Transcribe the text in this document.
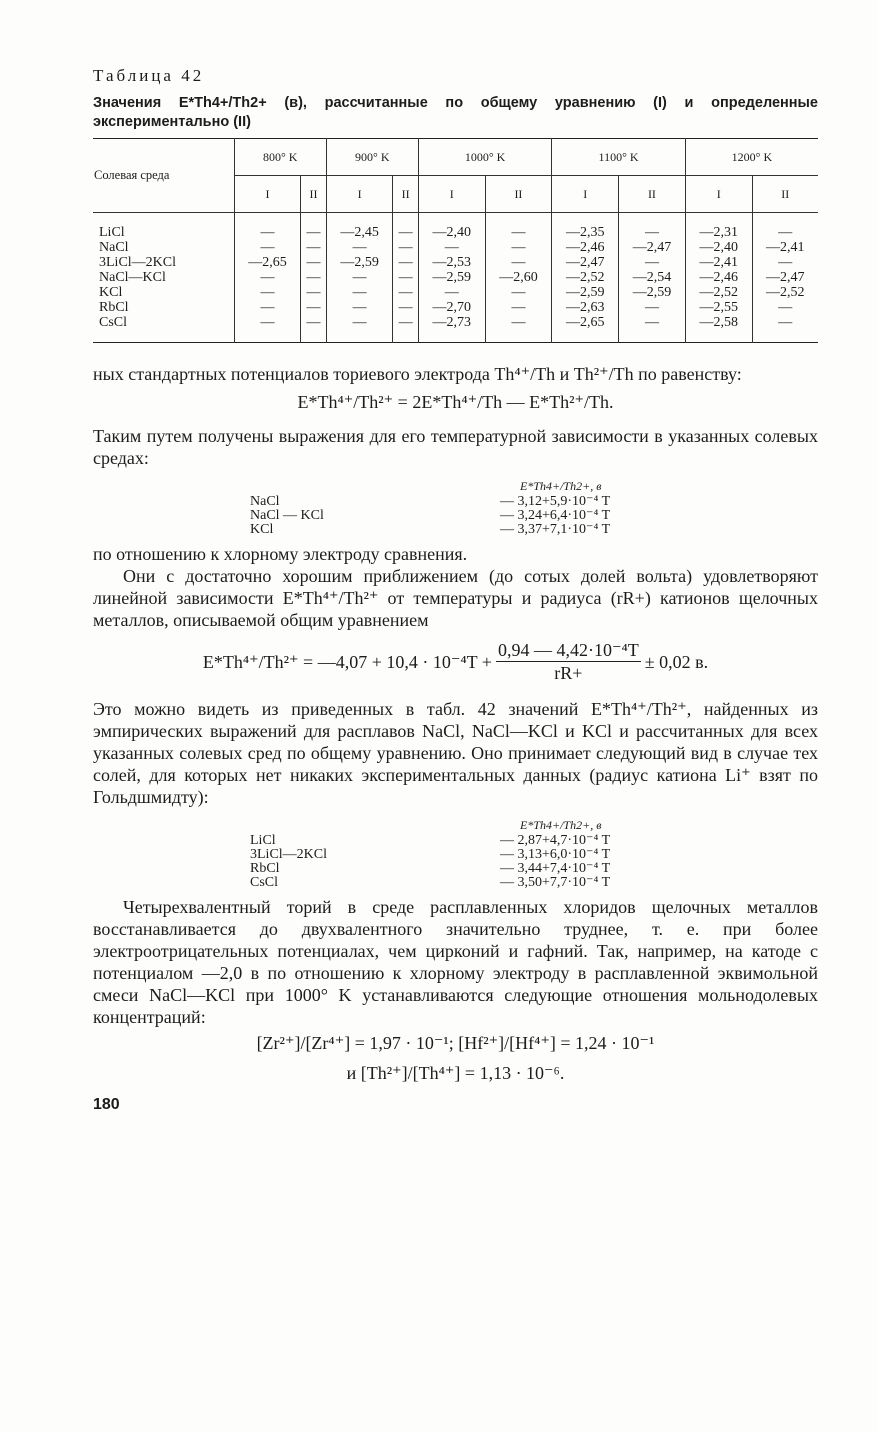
Таблица 42
Значения E*Th4+/Th2+ (в), рассчитанные по общему уравнению (I) и определенные экспериментально (II)
Солевая среда	800° K		900° K		1000° K		1100° K		1200° K	
	I	II	I	II	I	II	I	II	I	II

LiCl	—	—	—2,45	—	—2,40	—	—2,35	—	—2,31	—
NaCl	—	—	—	—	—	—	—2,46	—2,47	—2,40	—2,41
3LiCl—2KCl	—2,65	—	—2,59	—	—2,53	—	—2,47	—	—2,41	—
NaCl—KCl	—	—	—	—	—2,59	—2,60	—2,52	—2,54	—2,46	—2,47
KCl	—	—	—	—	—	—	—2,59	—2,59	—2,52	—2,52
RbCl	—	—	—	—	—2,70	—	—2,63	—	—2,55	—
CsCl	—	—	—	—	—2,73	—	—2,65	—	—2,58	—

ных стандартных потенциалов ториевого электрода Th⁴⁺/Th и Th²⁺/Th по равенству:

E*Th⁴⁺/Th²⁺ = 2E*Th⁴⁺/Th — E*Th²⁺/Th.

Таким путем получены выражения для его температурной зависимости в указанных солевых средах:

E*Th4+/Th2+, в
NaCl	— 3,12+5,9·10⁻⁴ T
NaCl — KCl	— 3,24+6,4·10⁻⁴ T
KCl	— 3,37+7,1·10⁻⁴ T

по отношению к хлорному электроду сравнения.

Они с достаточно хорошим приближением (до сотых долей вольта) удовлетворяют линейной зависимости E*Th⁴⁺/Th²⁺ от температуры и радиуса (rR+) катионов щелочных металлов, описываемой общим уравнением

E*Th⁴⁺/Th²⁺ = —4,07 + $10,4 \cdot 10^{-4}T + \frac{\text{0,94 — 4,42·10⁻⁴T}}{rR+} \pm 0,02$ в.

Это можно видеть из приведенных в табл. 42 значений E*Th⁴⁺/Th²⁺, найденных из эмпирических выражений для расплавов NaCl, NaCl—KCl и KCl и рассчитанных для всех указанных солевых сред по общему уравнению. Оно принимает следующий вид в случае тех солей, для которых нет никаких экспериментальных данных (радиус катиона Li⁺ взят по Гольдшмидту):

E*Th4+/Th2+, в
LiCl	— 2,87+4,7·10⁻⁴ T
3LiCl—2KCl	— 3,13+6,0·10⁻⁴ T
RbCl	— 3,44+7,4·10⁻⁴ T
CsCl	— 3,50+7,7·10⁻⁴ T

Четырехвалентный торий в среде расплавленных хлоридов щелочных металлов восстанавливается до двухвалентного значительно труднее, т. е. при более электроотрицательных потенциалах, чем цирконий и гафний. Так, например, на катоде с потенциалом —2,0 в по отношению к хлорному электроду в расплавленной эквимольной смеси NaCl—KCl при 1000° K устанавливаются следующие отношения мольнодолевых концентраций:

[Zr²⁺]/[Zr⁴⁺] = 1,97 · 10⁻¹; [Hf²⁺]/[Hf⁴⁺] = 1,24 · 10⁻¹
и [Th²⁺]/[Th⁴⁺] = 1,13 · 10⁻⁶.
180
